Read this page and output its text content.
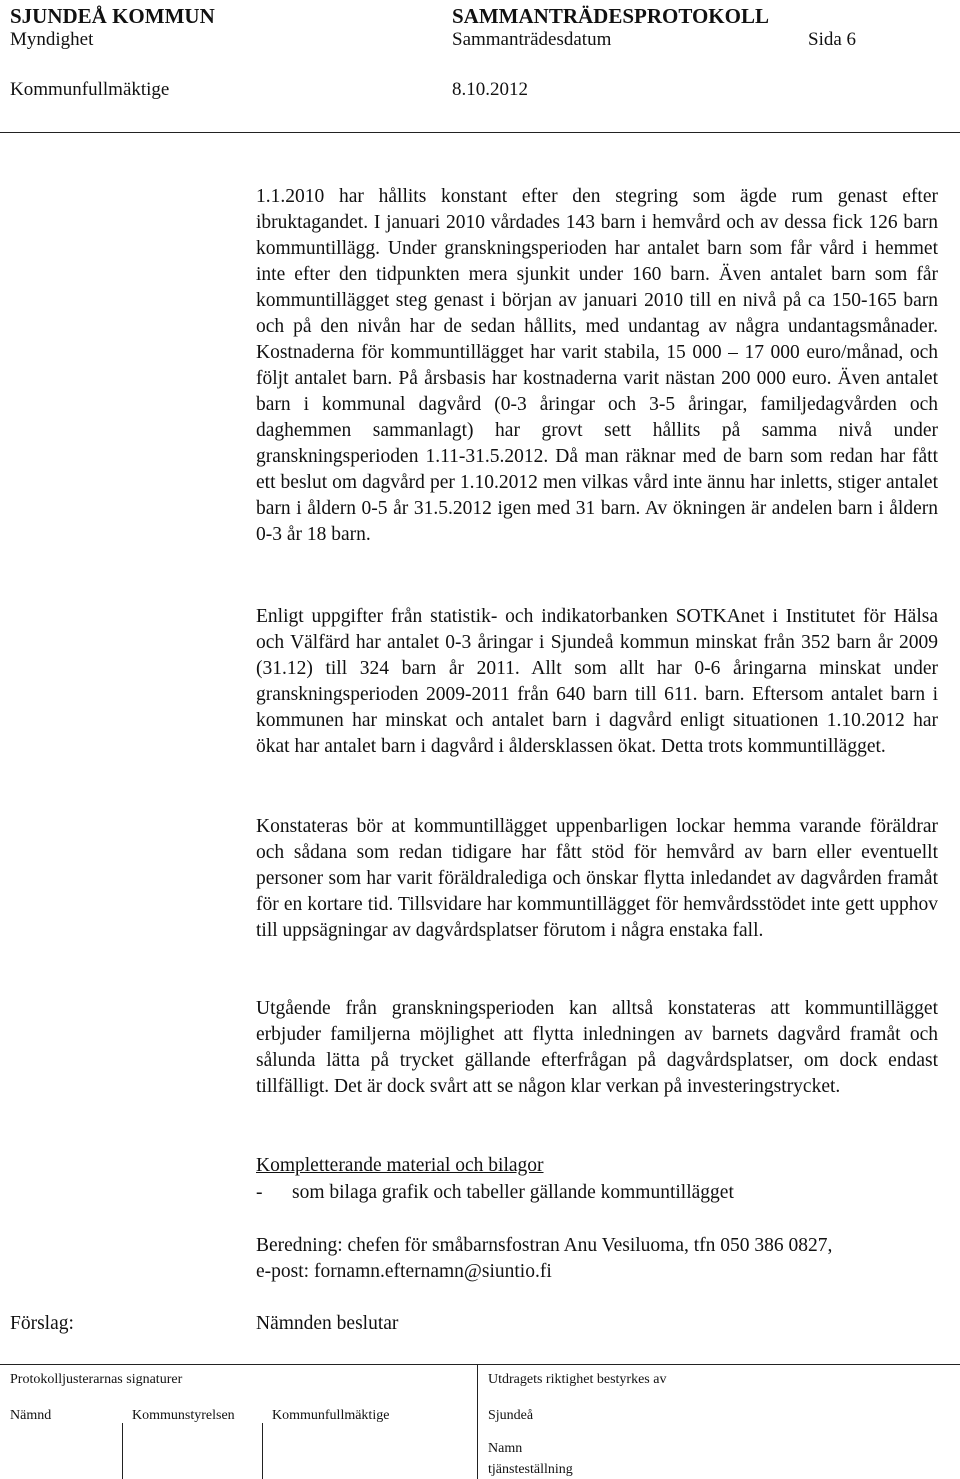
SJUNDEÅ KOMMUN	SAMMANTRÄDESPROTOKOLL
Myndighet	Sammanträdesdatum	Sida 6
Kommunfullmäktige	8.10.2012

1.1.2010 har hållits konstant efter den stegring som ägde rum genast efter ibruktagandet. I januari 2010 vårdades 143 barn i hemvård och av dessa fick 126 barn kommuntillägg. Under granskningsperioden har antalet barn som får vård i hemmet inte efter den tidpunkten mera sjunkit under 160 barn. Även antalet barn som får kommuntillägget steg genast i början av januari 2010 till en nivå på ca 150-165 barn och på den nivån har de sedan hållits, med undantag av några undantagsmånader. Kostnaderna för kommuntillägget har varit stabila, 15 000 – 17 000 euro/månad, och följt antalet barn. På årsbasis har kostnaderna varit nästan 200 000 euro. Även antalet barn i kommunal dagvård (0-3 åringar och 3-5 åringar, familjedagvården och daghemmen sammanlagt) har grovt sett hållits på samma nivå under granskningsperioden 1.11-31.5.2012. Då man räknar med de barn som redan har fått ett beslut om dagvård per 1.10.2012 men vilkas vård inte ännu har inletts, stiger antalet barn i åldern 0-5 år 31.5.2012 igen med 31 barn. Av ökningen är andelen barn i åldern 0-3 år 18 barn.

Enligt uppgifter från statistik- och indikatorbanken SOTKAnet i Institutet för Hälsa och Välfärd har antalet 0-3 åringar i Sjundeå kommun minskat från 352 barn år 2009 (31.12) till 324 barn år 2011. Allt som allt har 0-6 åringarna minskat under granskningsperioden 2009-2011 från 640 barn till 611. barn. Eftersom antalet barn i kommunen har minskat och antalet barn i dagvård enligt situationen 1.10.2012 har ökat har antalet barn i dagvård i åldersklassen ökat. Detta trots kommuntillägget.

Konstateras bör at kommuntillägget uppenbarligen lockar hemma varande föräldrar och sådana som redan tidigare har fått stöd för hemvård av barn eller eventuellt personer som har varit föräldralediga och önskar flytta inledandet av dagvården framåt för en kortare tid. Tillsvidare har kommuntillägget för hemvårdsstödet inte gett upphov till uppsägningar av dagvårdsplatser förutom i några enstaka fall.

Utgående från granskningsperioden kan alltså konstateras att kommuntillägget erbjuder familjerna möjlighet att flytta inledningen av barnets dagvård framåt och sålunda lätta på trycket gällande efterfrågan på dagvårdsplatser, om dock endast tillfälligt. Det är dock svårt att se någon klar verkan på investeringstrycket.

Kompletterande material och bilagor
-	som bilaga grafik och tabeller gällande kommuntillägget
Beredning: chefen för småbarnsfostran Anu Vesiluoma, tfn 050 386 0827,
e-post: fornamn.efternamn@siuntio.fi
Förslag:	Nämnden beslutar
Protokolljusterarnas signaturer	Utdragets riktighet bestyrkes av
Nämnd	Kommunstyrelsen	Kommunfullmäktige	Sjundeå
Namn
tjänsteställning
